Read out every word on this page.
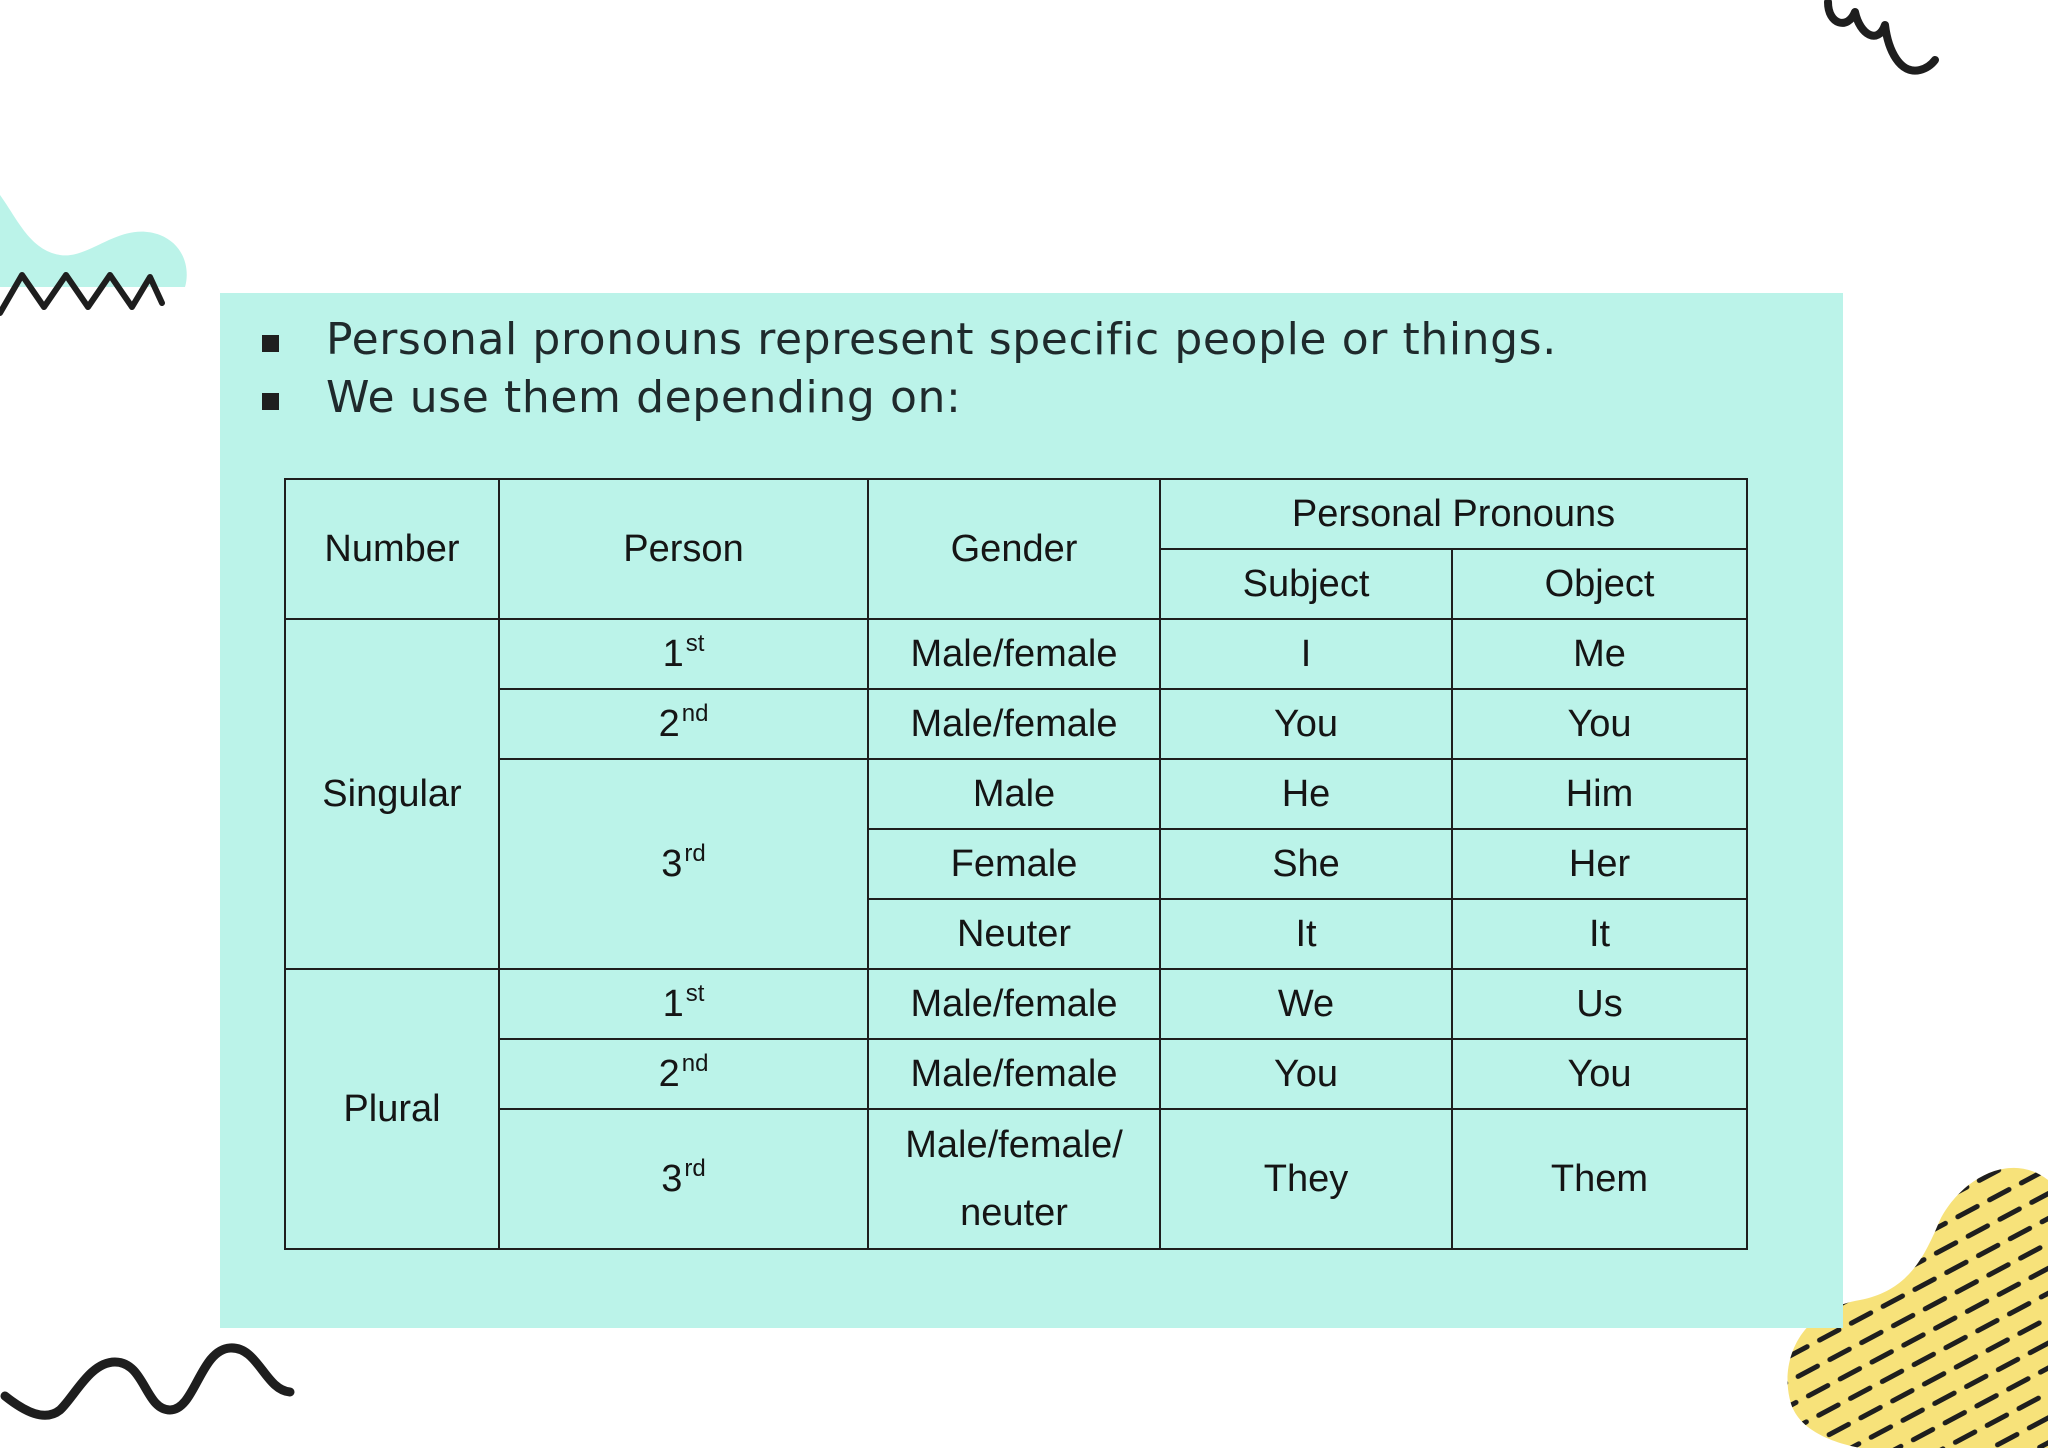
Personal pronouns represent specific people or things.
We use them depending on:
Number	Person	Gender	Personal Pronouns	
			Subject	Object
Singular	1st	Male/female	I	Me
	2nd	Male/female	You	You
	3rd	Male	He	Him
		Female	She	Her
		Neuter	It	It
Plural	1st	Male/female	We	Us
	2nd	Male/female	You	You
	3rd	Male/female/
neuter	They	Them
